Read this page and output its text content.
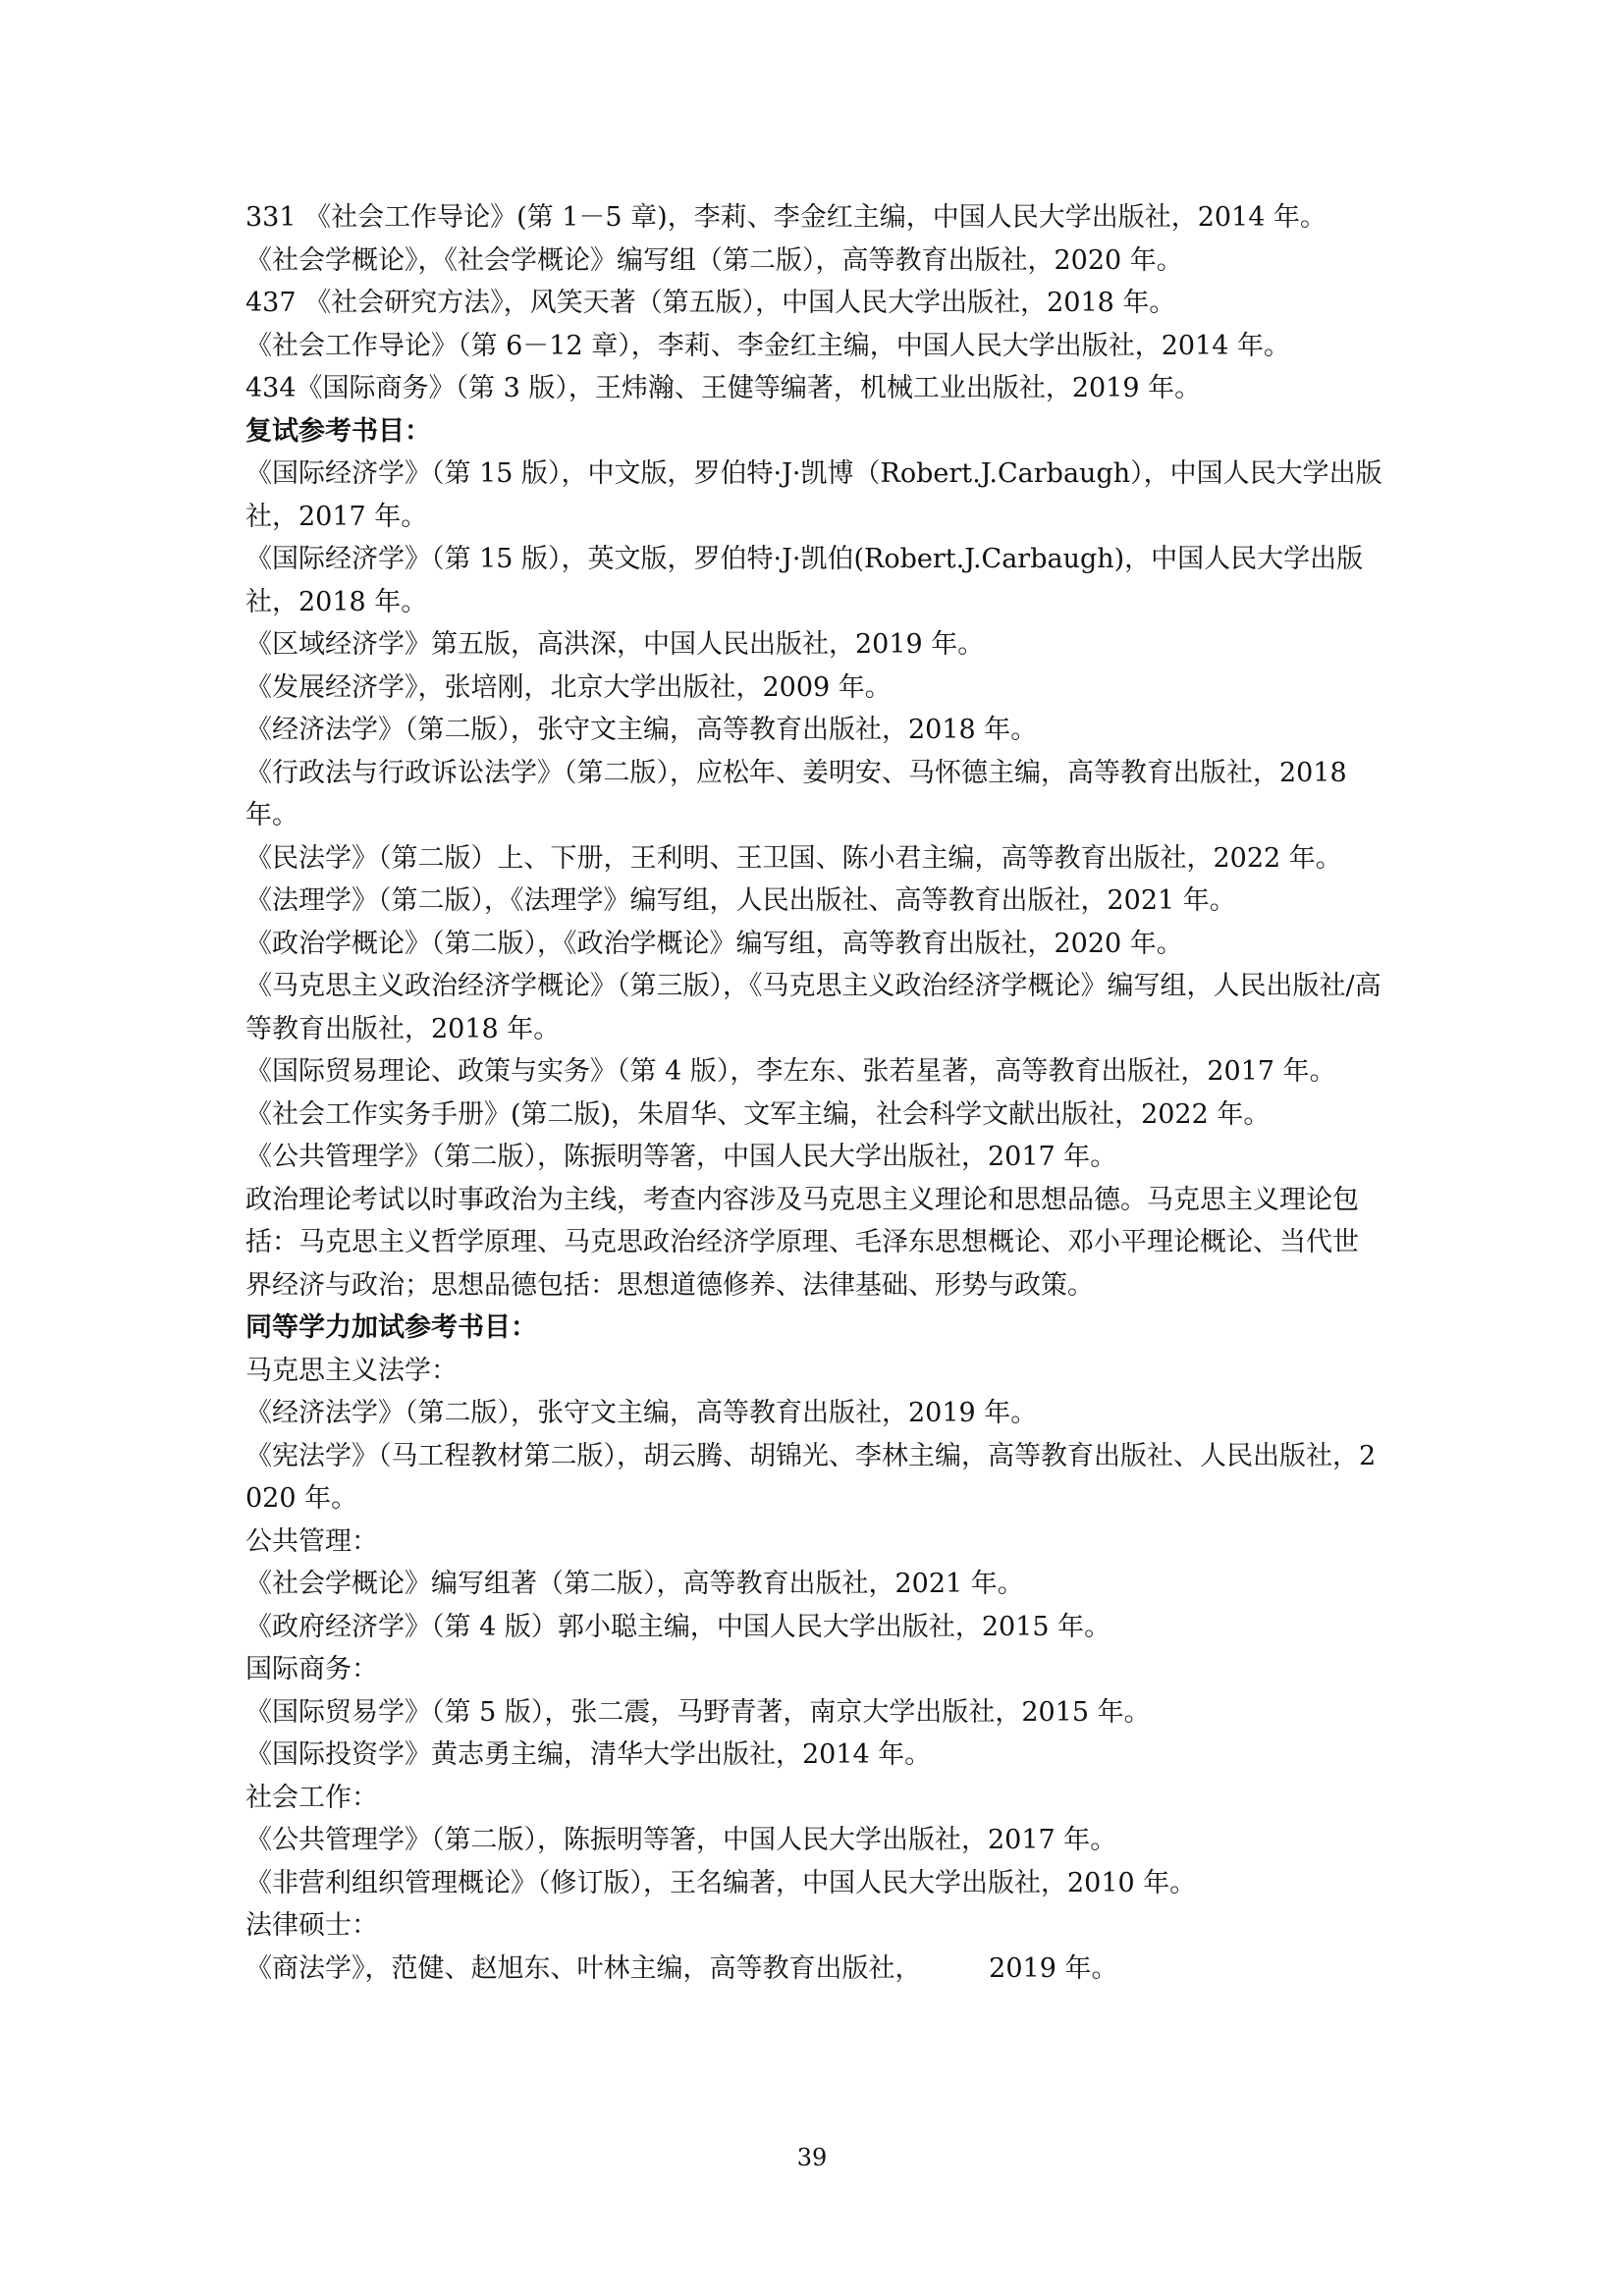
331 《社会工作导论》(第 1－5 章)，李莉、李金红主编，中国人民大学出版社，2014 年。

《社会学概论》，《社会学概论》编写组（第二版），高等教育出版社，2020 年。

437 《社会研究方法》，风笑天著（第五版），中国人民大学出版社，2018 年。

《社会工作导论》（第 6－12 章），李莉、李金红主编，中国人民大学出版社，2014 年。

434《国际商务》（第 3 版），王炜瀚、王健等编著，机械工业出版社，2019 年。

复试参考书目：

《国际经济学》（第 15 版），中文版，罗伯特·J·凯博（Robert.J.Carbaugh），中国人民大学出版社，2017 年。

《国际经济学》（第 15 版），英文版，罗伯特·J·凯伯(Robert.J.Carbaugh)，中国人民大学出版社，2018 年。

《区域经济学》第五版，高洪深，中国人民出版社，2019 年。

《发展经济学》，张培刚，北京大学出版社，2009 年。

《经济法学》（第二版），张守文主编，高等教育出版社，2018 年。

《行政法与行政诉讼法学》（第二版），应松年、姜明安、马怀德主编，高等教育出版社，2018 年。

《民法学》（第二版）上、下册，王利明、王卫国、陈小君主编，高等教育出版社，2022 年。

《法理学》（第二版），《法理学》编写组，人民出版社、高等教育出版社，2021 年。

《政治学概论》（第二版），《政治学概论》编写组，高等教育出版社，2020 年。

《马克思主义政治经济学概论》（第三版），《马克思主义政治经济学概论》编写组，人民出版社/高等教育出版社，2018 年。

《国际贸易理论、政策与实务》（第 4 版），李左东、张若星著，高等教育出版社，2017 年。

《社会工作实务手册》(第二版)，朱眉华、文军主编，社会科学文献出版社，2022 年。

《公共管理学》（第二版），陈振明等箸，中国人民大学出版社，2017 年。

政治理论考试以时事政治为主线，考查内容涉及马克思主义理论和思想品德。马克思主义理论包括：马克思主义哲学原理、马克思政治经济学原理、毛泽东思想概论、邓小平理论概论、当代世界经济与政治；思想品德包括：思想道德修养、法律基础、形势与政策。

同等学力加试参考书目：

马克思主义法学：

《经济法学》（第二版），张守文主编，高等教育出版社，2019 年。

《宪法学》（马工程教材第二版），胡云腾、胡锦光、李林主编，高等教育出版社、人民出版社，2020 年。

公共管理：

《社会学概论》编写组著（第二版），高等教育出版社，2021 年。

《政府经济学》（第 4 版）郭小聪主编，中国人民大学出版社，2015 年。

国际商务：

《国际贸易学》（第 5 版），张二震，马野青著，南京大学出版社，2015 年。

《国际投资学》黄志勇主编，清华大学出版社，2014 年。

社会工作：

《公共管理学》（第二版），陈振明等箸，中国人民大学出版社，2017 年。

《非营利组织管理概论》（修订版），王名编著，中国人民大学出版社，2010 年。

法律硕士：

《商法学》，范健、赵旭东、叶林主编，高等教育出版社，        2019 年。

39
